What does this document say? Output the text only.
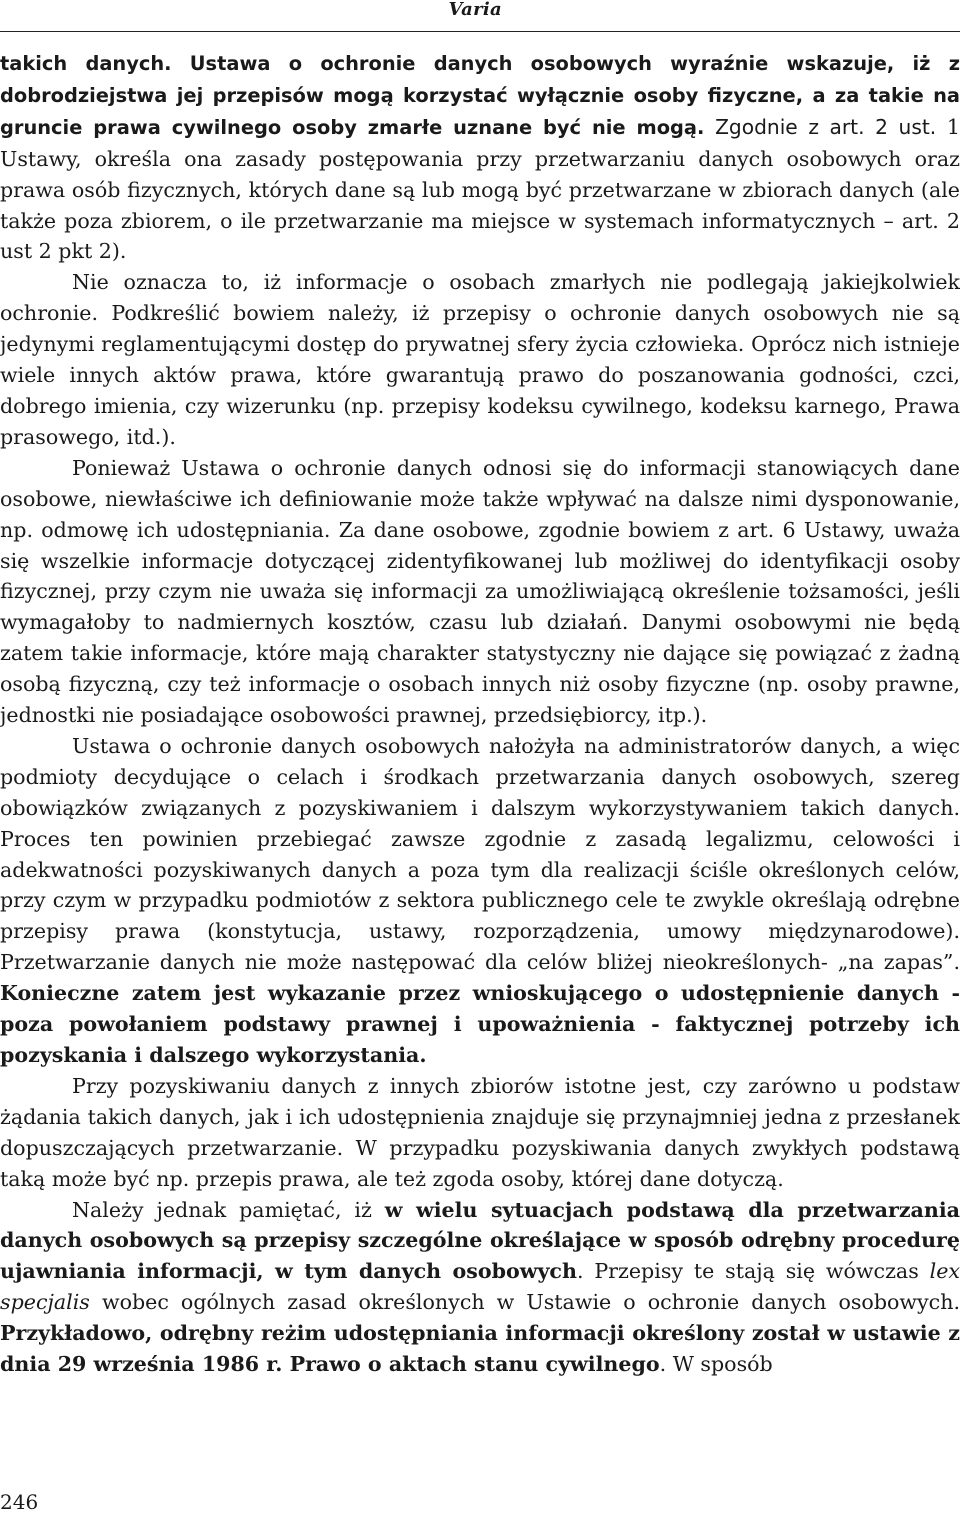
Varia

takich danych. Ustawa o ochronie danych osobowych wyraźnie wskazuje, iż z dobrodziejstwa jej przepisów mogą korzystać wyłącznie osoby fizyczne, a za takie na gruncie prawa cywilnego osoby zmarłe uznane być nie mogą. Zgodnie z art. 2 ust. 1 Ustawy, określa ona zasady postępowania przy przetwarzaniu danych osobowych oraz prawa osób fizycznych, których dane są lub mogą być przetwarzane w zbiorach danych (ale także poza zbiorem, o ile przetwarzanie ma miejsce w systemach informatycznych – art. 2 ust 2 pkt 2).

Nie oznacza to, iż informacje o osobach zmarłych nie podlegają jakiejkolwiek ochronie. Podkreślić bowiem należy, iż przepisy o ochronie danych osobowych nie są jedynymi reglamentującymi dostęp do prywatnej sfery życia człowieka. Oprócz nich istnieje wiele innych aktów prawa, które gwarantują prawo do poszanowania godności, czci, dobrego imienia, czy wizerunku (np. przepisy kodeksu cywilnego, kodeksu karnego, Prawa prasowego, itd.).

Ponieważ Ustawa o ochronie danych odnosi się do informacji stanowiących dane osobowe, niewłaściwe ich definiowanie może także wpływać na dalsze nimi dysponowanie, np. odmowę ich udostępniania. Za dane osobowe, zgodnie bowiem z art. 6 Ustawy, uważa się wszelkie informacje dotyczącej zidentyfikowanej lub możliwej do identyfikacji osoby fizycznej, przy czym nie uważa się informacji za umożliwiającą określenie tożsamości, jeśli wymagałoby to nadmiernych kosztów, czasu lub działań. Danymi osobowymi nie będą zatem takie informacje, które mają charakter statystyczny nie dające się powiązać z żadną osobą fizyczną, czy też informacje o osobach innych niż osoby fizyczne (np. osoby prawne, jednostki nie posiadające osobowości prawnej, przedsiębiorcy, itp.).

Ustawa o ochronie danych osobowych nałożyła na administratorów danych, a więc podmioty decydujące o celach i środkach przetwarzania danych osobowych, szereg obowiązków związanych z pozyskiwaniem i dalszym wykorzystywaniem takich danych. Proces ten powinien przebiegać zawsze zgodnie z zasadą legalizmu, celowości i adekwatności pozyskiwanych danych a poza tym dla realizacji ściśle określonych celów, przy czym w przypadku podmiotów z sektora publicznego cele te zwykle określają odrębne przepisy prawa (konstytucja, ustawy, rozporządzenia, umowy międzynarodowe). Przetwarzanie danych nie może następować dla celów bliżej nieokreślonych- „na zapas”. Konieczne zatem jest wykazanie przez wnioskującego o udostępnienie danych - poza powołaniem podstawy prawnej i upoważnienia - faktycznej potrzeby ich pozyskania i dalszego wykorzystania.

Przy pozyskiwaniu danych z innych zbiorów istotne jest, czy zarówno u podstaw żądania takich danych, jak i ich udostępnienia znajduje się przynajmniej jedna z przesłanek dopuszczających przetwarzanie. W przypadku pozyskiwania danych zwykłych podstawą taką może być np. przepis prawa, ale też zgoda osoby, której dane dotyczą.

Należy jednak pamiętać, iż w wielu sytuacjach podstawą dla przetwarzania danych osobowych są przepisy szczególne określające w sposób odrębny procedurę ujawniania informacji, w tym danych osobowych. Przepisy te stają się wówczas lex specjalis wobec ogólnych zasad określonych w Ustawie o ochronie danych osobowych. Przykładowo, odrębny reżim udostępniania informacji określony został w ustawie z dnia 29 września 1986 r. Prawo o aktach stanu cywilnego. W sposób

246
